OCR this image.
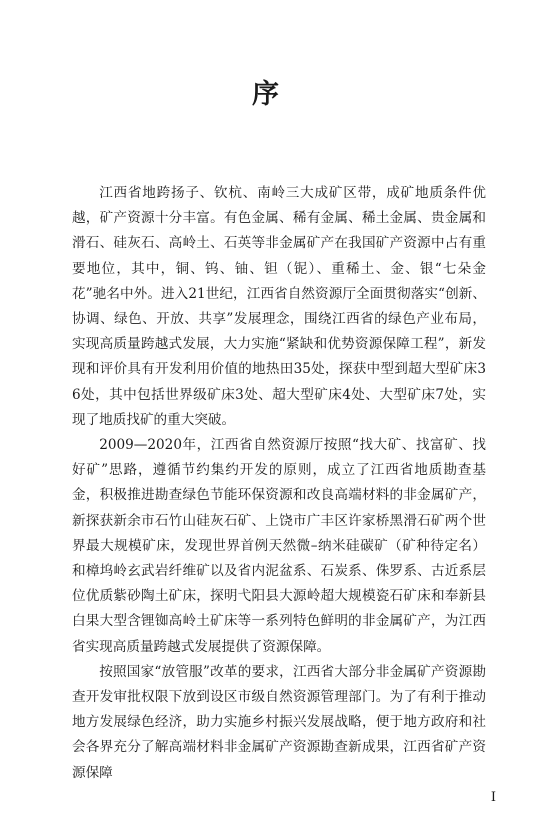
序

江西省地跨扬子、钦杭、南岭三大成矿区带，成矿地质条件优越，矿产资源十分丰富。有色金属、稀有金属、稀土金属、贵金属和滑石、硅灰石、高岭土、石英等非金属矿产在我国矿产资源中占有重要地位，其中，铜、钨、铀、钽（铌）、重稀土、金、银“七朵金花”驰名中外。进入21世纪，江西省自然资源厅全面贯彻落实“创新、协调、绿色、开放、共享”发展理念，围绕江西省的绿色产业布局，实现高质量跨越式发展，大力实施“紧缺和优势资源保障工程”，新发现和评价具有开发利用价值的地热田35处，探获中型到超大型矿床36处，其中包括世界级矿床3处、超大型矿床4处、大型矿床7处，实现了地质找矿的重大突破。

2009—2020年，江西省自然资源厅按照“找大矿、找富矿、找好矿”思路，遵循节约集约开发的原则，成立了江西省地质勘查基金，积极推进勘查绿色节能环保资源和改良高端材料的非金属矿产，新探获新余市石竹山硅灰石矿、上饶市广丰区许家桥黑滑石矿两个世界最大规模矿床，发现世界首例天然微–纳米硅碳矿（矿种待定名）和樟坞岭玄武岩纤维矿以及省内泥盆系、石炭系、侏罗系、古近系层位优质紫砂陶土矿床，探明弋阳县大源岭超大规模瓷石矿床和奉新县白果大型含锂铷高岭土矿床等一系列特色鲜明的非金属矿产，为江西省实现高质量跨越式发展提供了资源保障。

按照国家“放管服”改革的要求，江西省大部分非金属矿产资源勘查开发审批权限下放到设区市级自然资源管理部门。为了有利于推动地方发展绿色经济，助力实施乡村振兴发展战略，便于地方政府和社会各界充分了解高端材料非金属矿产资源勘查新成果，江西省矿产资源保障

I
